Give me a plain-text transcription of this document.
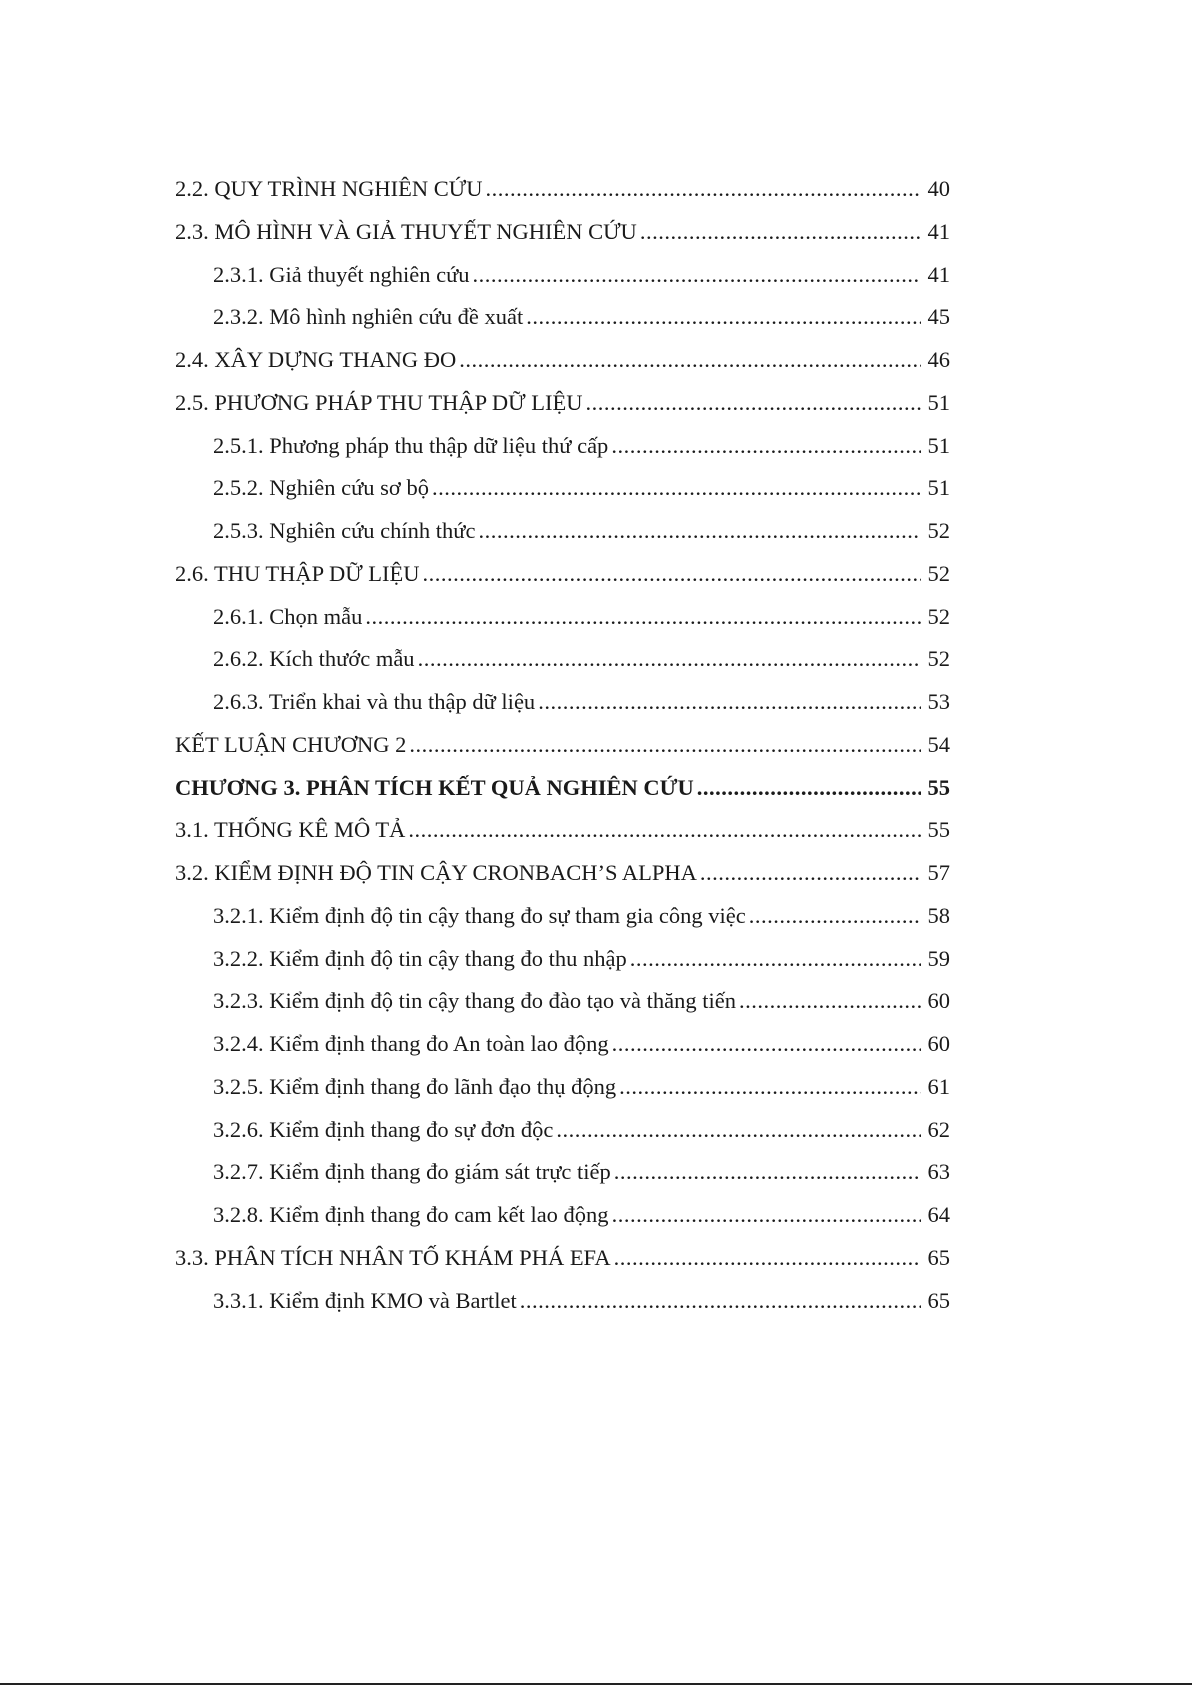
2.2. QUY TRÌNH NGHIÊN CỨU .....	40
2.3. MÔ HÌNH VÀ GIẢ THUYẾT NGHIÊN CỨU .....	41
2.3.1. Giả thuyết nghiên cứu .....	41
2.3.2. Mô hình nghiên cứu đề xuất .....	45
2.4. XÂY DỰNG THANG ĐO .....	46
2.5. PHƯƠNG PHÁP THU THẬP DỮ LIỆU .....	51
2.5.1. Phương pháp thu thập dữ liệu thứ cấp .....	51
2.5.2. Nghiên cứu sơ bộ .....	51
2.5.3. Nghiên cứu chính thức .....	52
2.6. THU THẬP DỮ LIỆU .....	52
2.6.1. Chọn mẫu .....	52
2.6.2. Kích thước mẫu .....	52
2.6.3. Triển khai và thu thập dữ liệu .....	53
KẾT LUẬN CHƯƠNG 2 .....	54
CHƯƠNG 3. PHÂN TÍCH KẾT QUẢ NGHIÊN CỨU .....	55
3.1. THỐNG KÊ MÔ TẢ .....	55
3.2. KIỂM ĐỊNH ĐỘ TIN CẬY CRONBACH’S ALPHA .....	57
3.2.1. Kiểm định độ tin cậy thang đo sự tham gia công việc .....	58
3.2.2. Kiểm định độ tin cậy thang đo thu nhập .....	59
3.2.3. Kiểm định độ tin cậy thang đo đào tạo và thăng tiến .....	60
3.2.4. Kiểm định thang đo An toàn lao động .....	60
3.2.5. Kiểm định thang đo lãnh đạo thụ động .....	61
3.2.6. Kiểm định thang đo sự đơn độc .....	62
3.2.7. Kiểm định thang đo giám sát trực tiếp .....	63
3.2.8. Kiểm định thang đo cam kết lao động .....	64
3.3. PHÂN TÍCH NHÂN TỐ KHÁM PHÁ EFA .....	65
3.3.1. Kiểm định KMO và Bartlet .....	65
